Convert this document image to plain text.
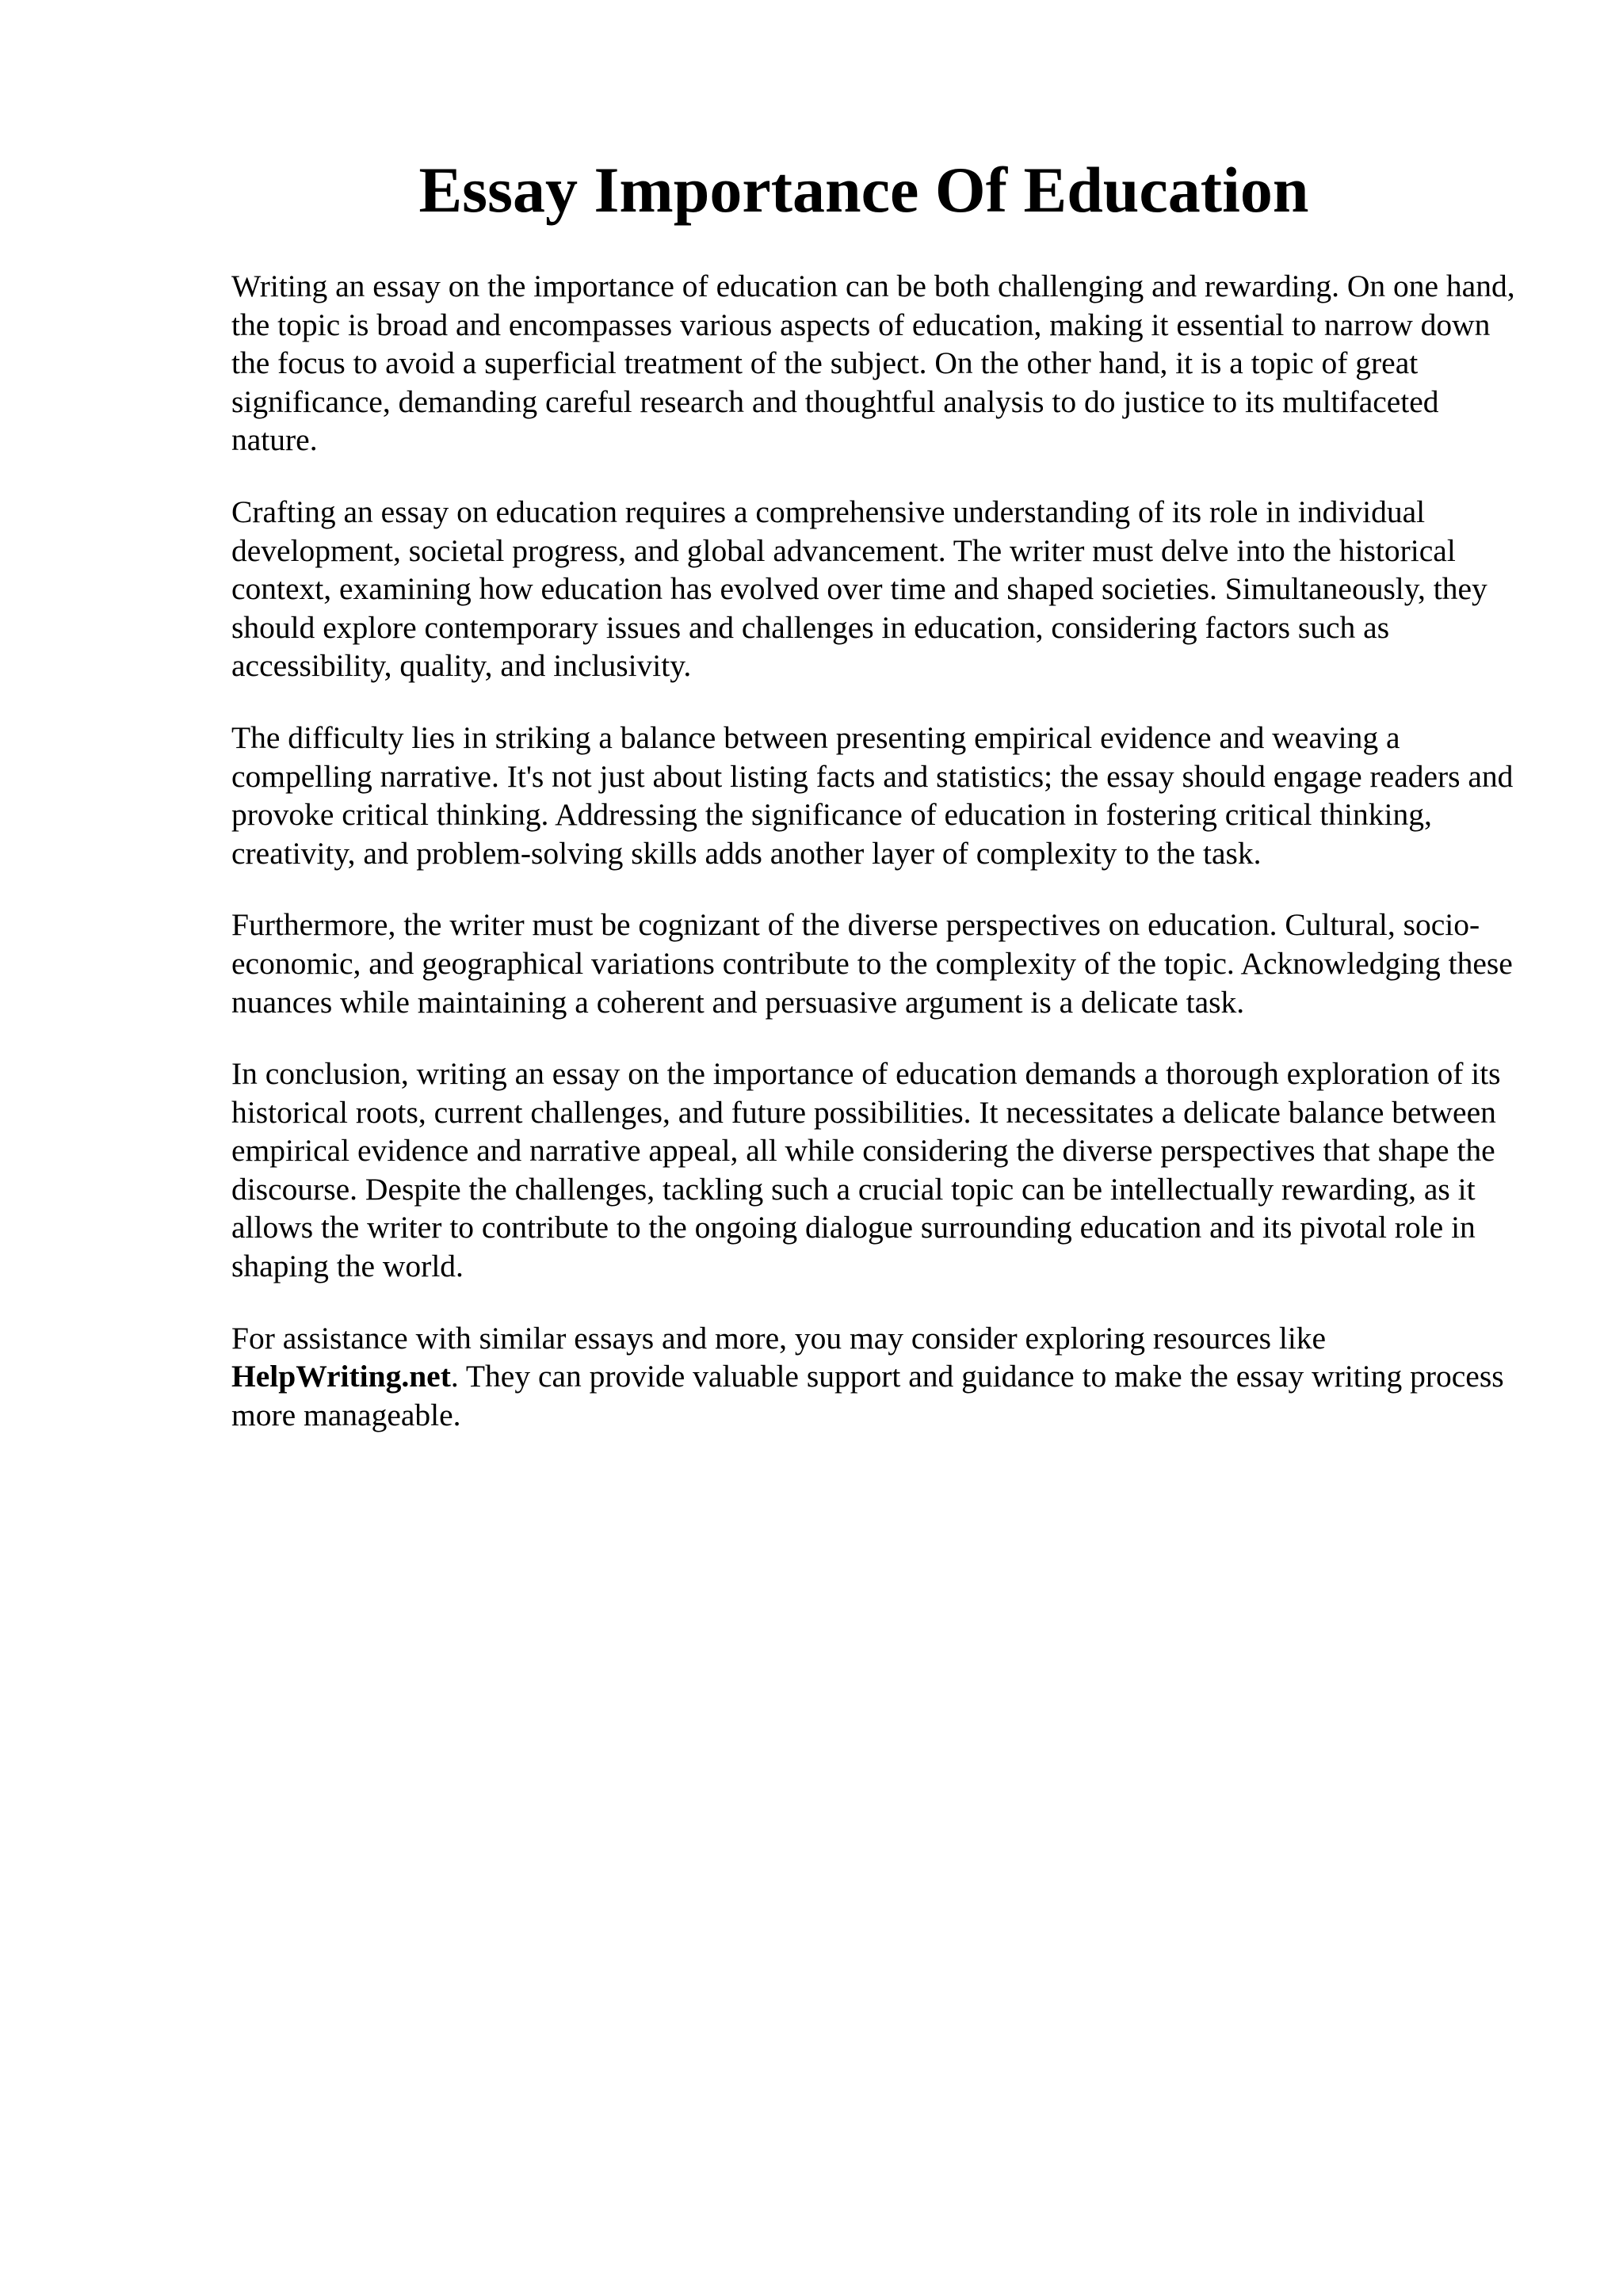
Essay Importance Of Education

Writing an essay on the importance of education can be both challenging and rewarding. On one hand, the topic is broad and encompasses various aspects of education, making it essential to narrow down the focus to avoid a superficial treatment of the subject. On the other hand, it is a topic of great significance, demanding careful research and thoughtful analysis to do justice to its multifaceted nature.

Crafting an essay on education requires a comprehensive understanding of its role in individual development, societal progress, and global advancement. The writer must delve into the historical context, examining how education has evolved over time and shaped societies. Simultaneously, they should explore contemporary issues and challenges in education, considering factors such as accessibility, quality, and inclusivity.

The difficulty lies in striking a balance between presenting empirical evidence and weaving a compelling narrative. It's not just about listing facts and statistics; the essay should engage readers and provoke critical thinking. Addressing the significance of education in fostering critical thinking, creativity, and problem-solving skills adds another layer of complexity to the task.

Furthermore, the writer must be cognizant of the diverse perspectives on education. Cultural, socio-economic, and geographical variations contribute to the complexity of the topic. Acknowledging these nuances while maintaining a coherent and persuasive argument is a delicate task.

In conclusion, writing an essay on the importance of education demands a thorough exploration of its historical roots, current challenges, and future possibilities. It necessitates a delicate balance between empirical evidence and narrative appeal, all while considering the diverse perspectives that shape the discourse. Despite the challenges, tackling such a crucial topic can be intellectually rewarding, as it allows the writer to contribute to the ongoing dialogue surrounding education and its pivotal role in shaping the world.

For assistance with similar essays and more, you may consider exploring resources like HelpWriting.net. They can provide valuable support and guidance to make the essay writing process more manageable.
